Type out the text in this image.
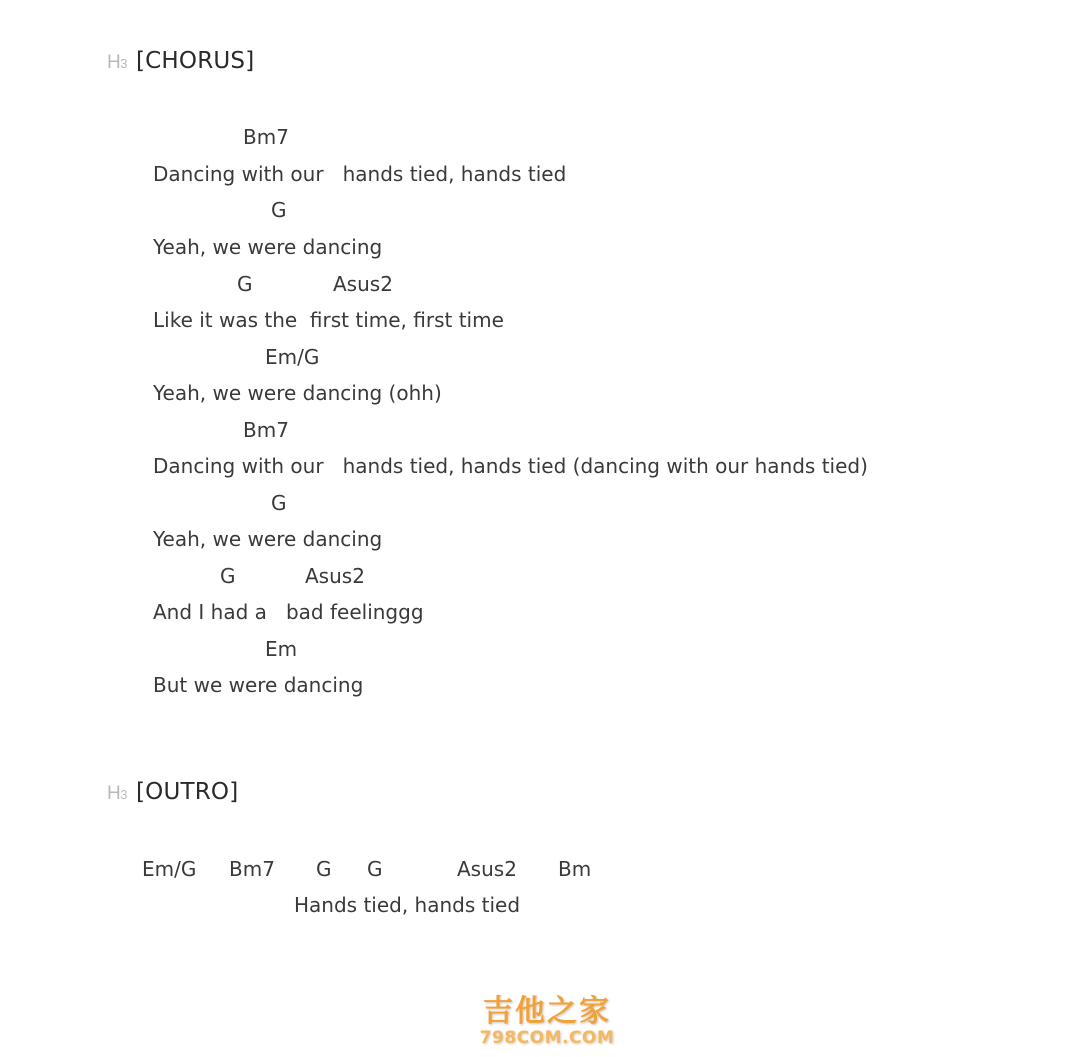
H3 [CHORUS]
Bm7
Dancing with our   hands tied, hands tied
G
Yeah, we were dancing
G	Asus2
Like it was the  first time, first time
Em/G
Yeah, we were dancing (ohh)
Bm7
Dancing with our   hands tied, hands tied (dancing with our hands tied)
G
Yeah, we were dancing
G	Asus2
And I had a   bad feelinggg
Em
But we were dancing
H3 [OUTRO]
Em/G Bm7 G G	Asus2 Bm
Hands tied, hands tied
吉他之家
798COM.COM
